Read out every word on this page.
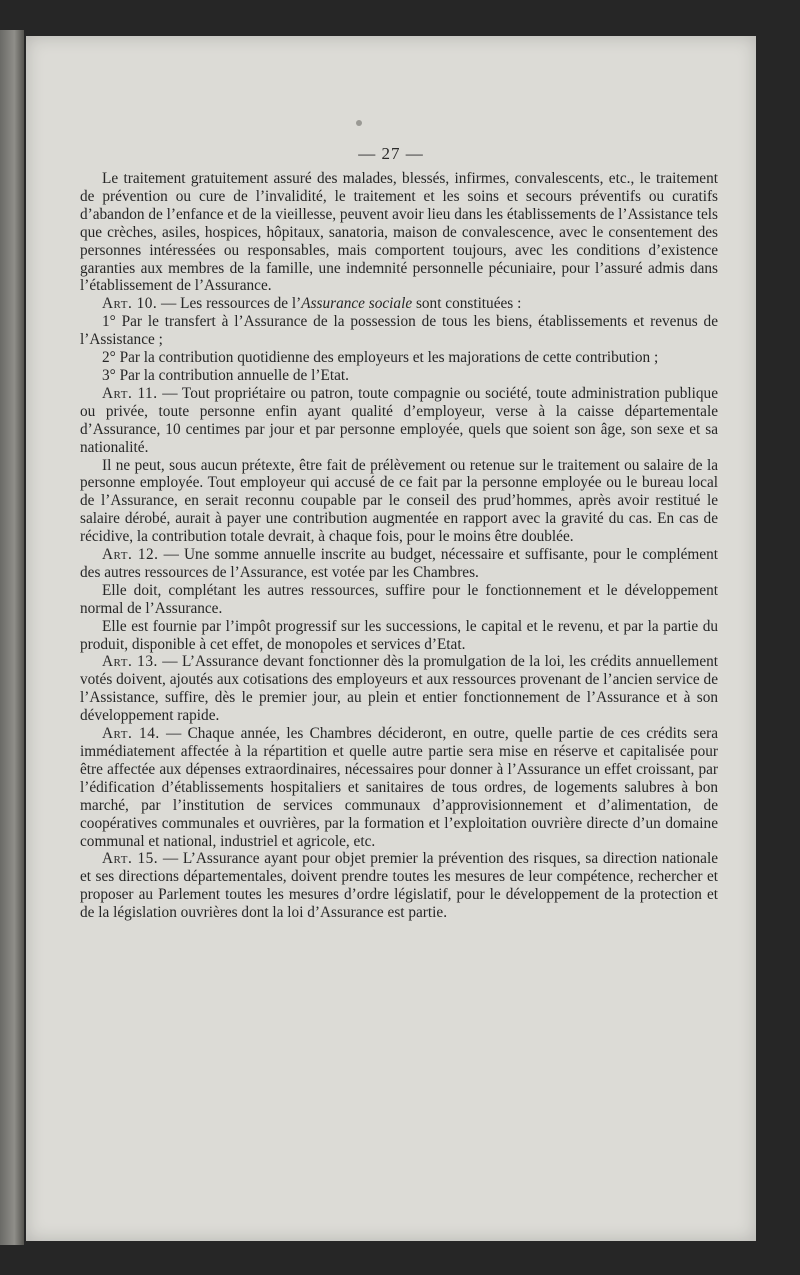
— 27 —

Le traitement gratuitement assuré des malades, blessés, infirmes, convalescents, etc., le traitement de prévention ou cure de l’invalidité, le traitement et les soins et secours préventifs ou curatifs d’abandon de l’enfance et de la vieillesse, peuvent avoir lieu dans les établissements de l’Assistance tels que crèches, asiles, hospices, hôpitaux, sanatoria, maison de convalescence, avec le consentement des personnes intéressées ou responsables, mais comportent toujours, avec les conditions d’existence garanties aux membres de la famille, une indemnité personnelle pécuniaire, pour l’assuré admis dans l’établissement de l’Assurance.

Art. 10. — Les ressources de l’Assurance sociale sont constituées :

1° Par le transfert à l’Assurance de la possession de tous les biens, établissements et revenus de l’Assistance ;

2° Par la contribution quotidienne des employeurs et les majorations de cette contribution ;

3° Par la contribution annuelle de l’Etat.

Art. 11. — Tout propriétaire ou patron, toute compagnie ou société, toute administration publique ou privée, toute personne enfin ayant qualité d’employeur, verse à la caisse départementale d’Assurance, 10 centimes par jour et par personne employée, quels que soient son âge, son sexe et sa nationalité.

Il ne peut, sous aucun prétexte, être fait de prélèvement ou retenue sur le traitement ou salaire de la personne employée. Tout employeur qui accusé de ce fait par la personne employée ou le bureau local de l’Assurance, en serait reconnu coupable par le conseil des prud’hommes, après avoir restitué le salaire dérobé, aurait à payer une contribution augmentée en rapport avec la gravité du cas. En cas de récidive, la contribution totale devrait, à chaque fois, pour le moins être doublée.

Art. 12. — Une somme annuelle inscrite au budget, nécessaire et suffisante, pour le complément des autres ressources de l’Assurance, est votée par les Chambres.

Elle doit, complétant les autres ressources, suffire pour le fonctionnement et le développement normal de l’Assurance.

Elle est fournie par l’impôt progressif sur les successions, le capital et le revenu, et par la partie du produit, disponible à cet effet, de monopoles et services d’Etat.

Art. 13. — L’Assurance devant fonctionner dès la promulgation de la loi, les crédits annuellement votés doivent, ajoutés aux cotisations des employeurs et aux ressources provenant de l’ancien service de l’Assistance, suffire, dès le premier jour, au plein et entier fonctionnement de l’Assurance et à son développement rapide.

Art. 14. — Chaque année, les Chambres décideront, en outre, quelle partie de ces crédits sera immédiatement affectée à la répartition et quelle autre partie sera mise en réserve et capitalisée pour être affectée aux dépenses extraordinaires, nécessaires pour donner à l’Assurance un effet croissant, par l’édification d’établissements hospitaliers et sanitaires de tous ordres, de logements salubres à bon marché, par l’institution de services communaux d’approvisionnement et d’alimentation, de coopératives communales et ouvrières, par la formation et l’exploitation ouvrière directe d’un domaine communal et national, industriel et agricole, etc.

Art. 15. — L’Assurance ayant pour objet premier la prévention des risques, sa direction nationale et ses directions départementales, doivent prendre toutes les mesures de leur compétence, rechercher et proposer au Parlement toutes les mesures d’ordre législatif, pour le développement de la protection et de la législation ouvrières dont la loi d’Assurance est partie.
